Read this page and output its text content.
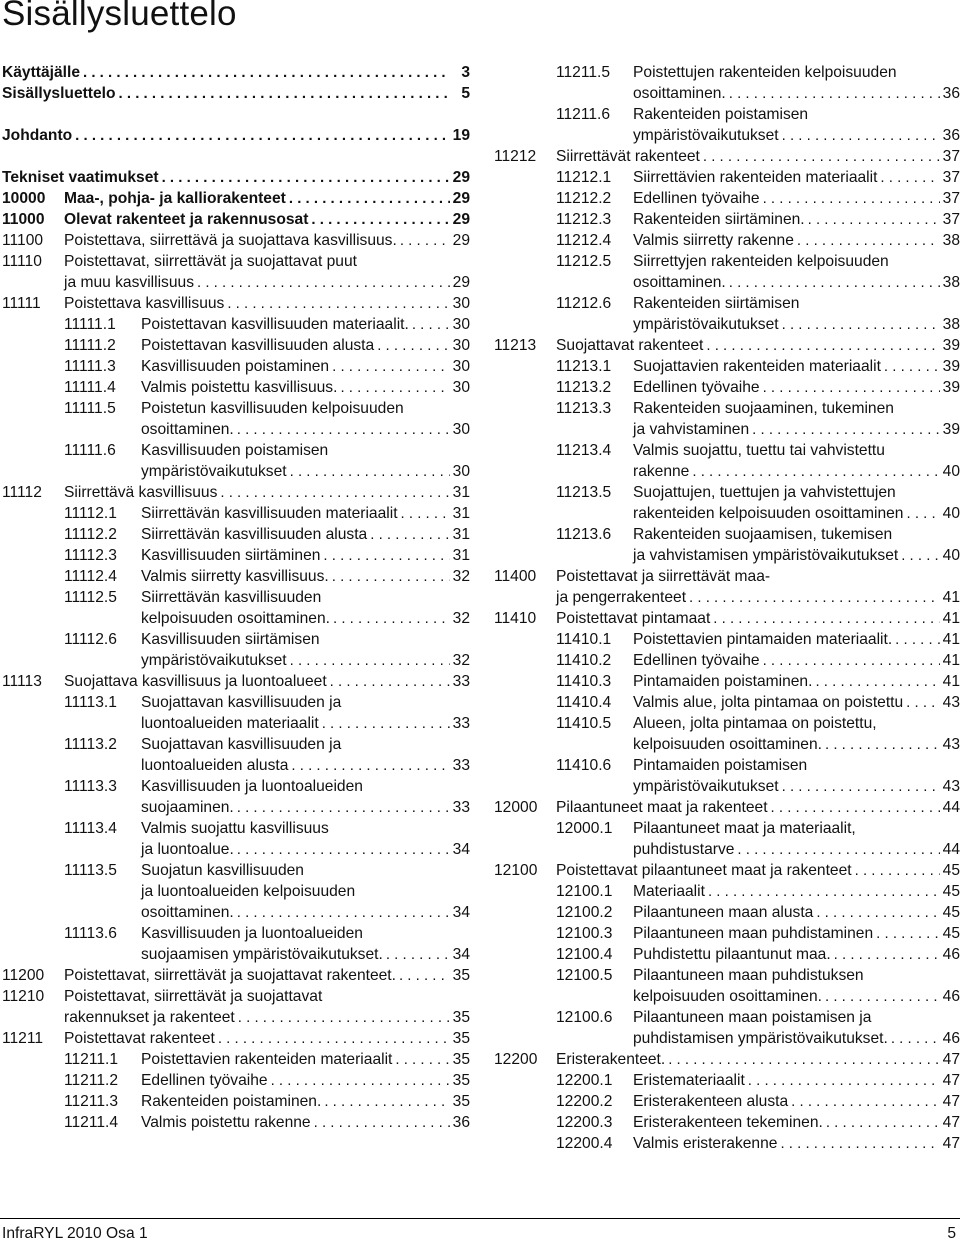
Sisällysluettelo
Käyttäjälle . . .	3
Sisällysluettelo . . .	5
Johdanto . . .	19
Tekniset vaatimukset . . .	29
10000 Maa-, pohja- ja kalliorakenteet . . .	29
11000 Olevat rakenteet ja rakennusosat . . .	29
11100 Poistettava, siirrettävä ja suojattava kasvillisuus. . . .	29
11110	Poistettavat, siirrettävät ja suojattavat puut
ja muu kasvillisuus . . .	29
11111 Poistettava kasvillisuus . . .	30
11111.1 Poistettavan kasvillisuuden materiaalit. . . .	30
11111.2 Poistettavan kasvillisuuden alusta . . .	30
11111.3 Kasvillisuuden poistaminen . . .	30
11111.4 Valmis poistettu kasvillisuus. . . .	30
11111.5	Poistetun kasvillisuuden kelpoisuuden
osoittaminen. . . .	30
11111.6	Kasvillisuuden poistamisen
ympäristövaikutukset . . .	30
11112 Siirrettävä kasvillisuus . . .	31
11112.1 Siirrettävän kasvillisuuden materiaalit . . .	31
11112.2 Siirrettävän kasvillisuuden alusta . . .	31
11112.3 Kasvillisuuden siirtäminen . . .	31
11112.4 Valmis siirretty kasvillisuus. . . .	32
11112.5	Siirrettävän kasvillisuuden
kelpoisuuden osoittaminen. . . .	32
11112.6	Kasvillisuuden siirtämisen
ympäristövaikutukset . . .	32
11113 Suojattava kasvillisuus ja luontoalueet . . .	33
11113.1	Suojattavan kasvillisuuden ja
luontoalueiden materiaalit . . .	33
11113.2	Suojattavan kasvillisuuden ja
luontoalueiden alusta . . .	33
11113.3	Kasvillisuuden ja luontoalueiden
suojaaminen. . . .	33
11113.4	Valmis suojattu kasvillisuus
ja luontoalue. . . .	34
11113.5	Suojatun kasvillisuuden
ja luontoalueiden kelpoisuuden
osoittaminen. . . .	34
11113.6	Kasvillisuuden ja luontoalueiden
suojaamisen ympäristövaikutukset. . . .	34
11200 Poistettavat, siirrettävät ja suojattavat rakenteet. . . .	35
11210	Poistettavat, siirrettävät ja suojattavat
rakennukset ja rakenteet . . .	35
11211 Poistettavat rakenteet . . .	35
11211.1 Poistettavien rakenteiden materiaalit . . .	35
11211.2 Edellinen työvaihe . . .	35
11211.3 Rakenteiden poistaminen. . . .	35
11211.4 Valmis poistettu rakenne . . .	36
11211.5	Poistettujen rakenteiden kelpoisuuden
osoittaminen. . . .	36
11211.6	Rakenteiden poistamisen
ympäristövaikutukset . . .	36
11212 Siirrettävät rakenteet . . .	37
11212.1 Siirrettävien rakenteiden materiaalit . . .	37
11212.2 Edellinen työvaihe . . .	37
11212.3 Rakenteiden siirtäminen. . . .	37
11212.4 Valmis siirretty rakenne . . .	38
11212.5	Siirrettyjen rakenteiden kelpoisuuden
osoittaminen. . . .	38
11212.6	Rakenteiden siirtämisen
ympäristövaikutukset . . .	38
11213 Suojattavat rakenteet . . .	39
11213.1 Suojattavien rakenteiden materiaalit . . .	39
11213.2 Edellinen työvaihe . . .	39
11213.3	Rakenteiden suojaaminen, tukeminen
ja vahvistaminen . . .	39
11213.4	Valmis suojattu, tuettu tai vahvistettu
rakenne . . .	40
11213.5	Suojattujen, tuettujen ja vahvistettujen
rakenteiden kelpoisuuden osoittaminen . . .	40
11213.6	Rakenteiden suojaamisen, tukemisen
ja vahvistamisen ympäristövaikutukset . . .	40
11400	Poistettavat ja siirrettävät maa-
ja pengerrakenteet . . .	41
11410 Poistettavat pintamaat . . .	41
11410.1 Poistettavien pintamaiden materiaalit. . . .	41
11410.2 Edellinen työvaihe . . .	41
11410.3 Pintamaiden poistaminen. . . .	41
11410.4 Valmis alue, jolta pintamaa on poistettu . . .	43
11410.5	Alueen, jolta pintamaa on poistettu,
kelpoisuuden osoittaminen. . . .	43
11410.6	Pintamaiden poistamisen
ympäristövaikutukset . . .	43
12000 Pilaantuneet maat ja rakenteet . . .	44
12000.1	Pilaantuneet maat ja materiaalit,
puhdistustarve . . .	44
12100 Poistettavat pilaantuneet maat ja rakenteet . . .	45
12100.1 Materiaalit . . .	45
12100.2 Pilaantuneen maan alusta . . .	45
12100.3 Pilaantuneen maan puhdistaminen . . .	45
12100.4 Puhdistettu pilaantunut maa. . . .	46
12100.5	Pilaantuneen maan puhdistuksen
kelpoisuuden osoittaminen. . . .	46
12100.6	Pilaantuneen maan poistamisen ja
puhdistamisen ympäristövaikutukset. . . .	46
12200 Eristerakenteet. . . .	47
12200.1 Eristemateriaalit . . .	47
12200.2 Eristerakenteen alusta . . .	47
12200.3 Eristerakenteen tekeminen. . . .	47
12200.4 Valmis eristerakenne . . .	47
InfraRYL 2010 Osa 1	5
